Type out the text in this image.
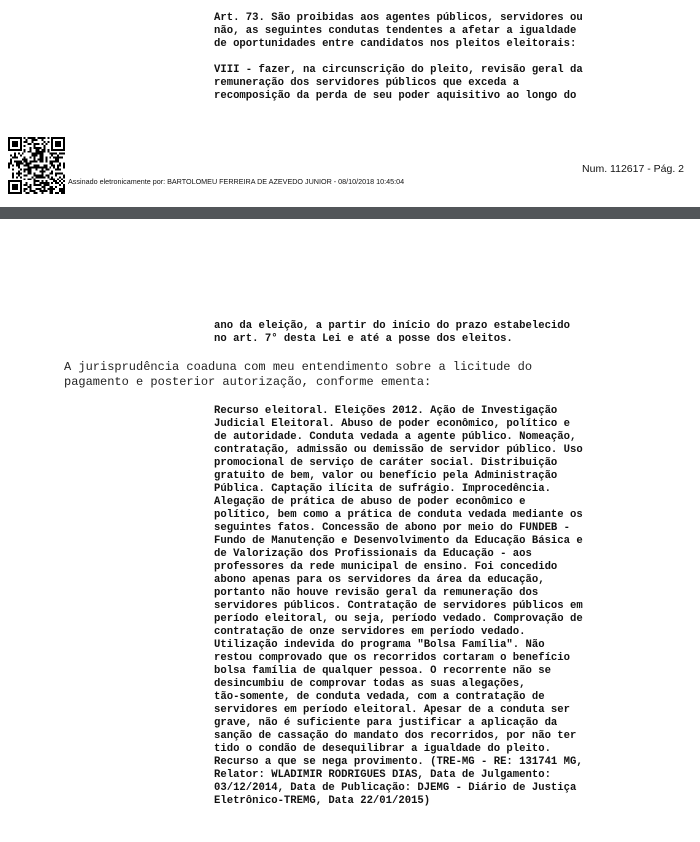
Art. 73. São proibidas aos agentes públicos, servidores ou
não, as seguintes condutas tendentes a afetar a igualdade
de oportunidades entre candidatos nos pleitos eleitorais:

VIII - fazer, na circunscrição do pleito, revisão geral da
remuneração dos servidores públicos que exceda a
recomposição da perda de seu poder aquisitivo ao longo do

Assinado eletronicamente por: BARTOLOMEU FERREIRA DE AZEVEDO JUNIOR - 08/10/2018 10:45:04

Num. 112617 - Pág. 2
ano da eleição, a partir do início do prazo estabelecido
no art. 7° desta Lei e até a posse dos eleitos.
A jurisprudência coaduna com meu entendimento sobre a licitude do
pagamento e posterior autorização, conforme ementa:
Recurso eleitoral. Eleições 2012. Ação de Investigação
Judicial Eleitoral. Abuso de poder econômico, político e
de autoridade. Conduta vedada a agente público. Nomeação,
contratação, admissão ou demissão de servidor público. Uso
promocional de serviço de caráter social. Distribuição
gratuito de bem, valor ou benefício pela Administração
Pública. Captação ilícita de sufrágio. Improcedência.
Alegação de prática de abuso de poder econômico e
político, bem como a prática de conduta vedada mediante os
seguintes fatos. Concessão de abono por meio do FUNDEB -
Fundo de Manutenção e Desenvolvimento da Educação Básica e
de Valorização dos Profissionais da Educação - aos
professores da rede municipal de ensino. Foi concedido
abono apenas para os servidores da área da educação,
portanto não houve revisão geral da remuneração dos
servidores públicos. Contratação de servidores públicos em
período eleitoral, ou seja, período vedado. Comprovação de
contratação de onze servidores em período vedado.
Utilização indevida do programa "Bolsa Família". Não
restou comprovado que os recorridos cortaram o benefício
bolsa família de qualquer pessoa. O recorrente não se
desincumbiu de comprovar todas as suas alegações,
tão-somente, de conduta vedada, com a contratação de
servidores em período eleitoral. Apesar de a conduta ser
grave, não é suficiente para justificar a aplicação da
sanção de cassação do mandato dos recorridos, por não ter
tido o condão de desequilibrar a igualdade do pleito.
Recurso a que se nega provimento. (TRE-MG - RE: 131741 MG,
Relator: WLADIMIR RODRIGUES DIAS, Data de Julgamento:
03/12/2014, Data de Publicação: DJEMG - Diário de Justiça
Eletrônico-TREMG, Data 22/01/2015)
